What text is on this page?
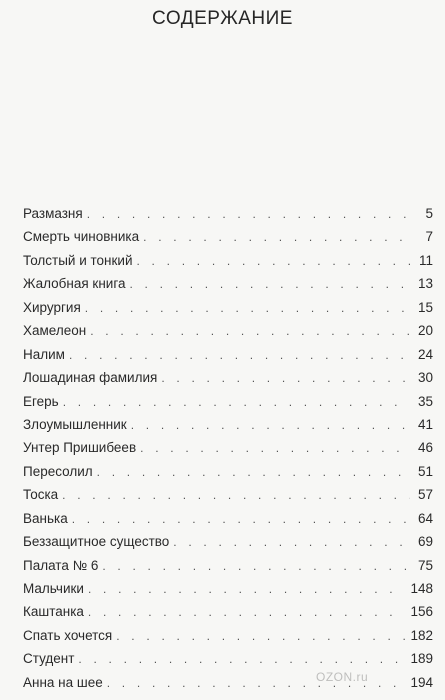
СОДЕРЖАНИЕ
Размазня . . .	5
Смерть чиновника . . .	7
Толстый и тонкий . . .	11
Жалобная книга . . .	13
Хирургия . . .	15
Хамелеон . . .	20
Налим . . .	24
Лошадиная фамилия . . .	30
Егерь . . .	35
Злоумышленник . . .	41
Унтер Пришибеев . . .	46
Пересолил . . .	51
Тоска . . .	57
Ванька . . .	64
Беззащитное существо . . .	69
Палата № 6 . . .	75
Мальчики . . .	148
Каштанка . . .	156
Спать хочется . . .	182
Студент . . .	189
Анна на шее . . .	194
OZON.ru
